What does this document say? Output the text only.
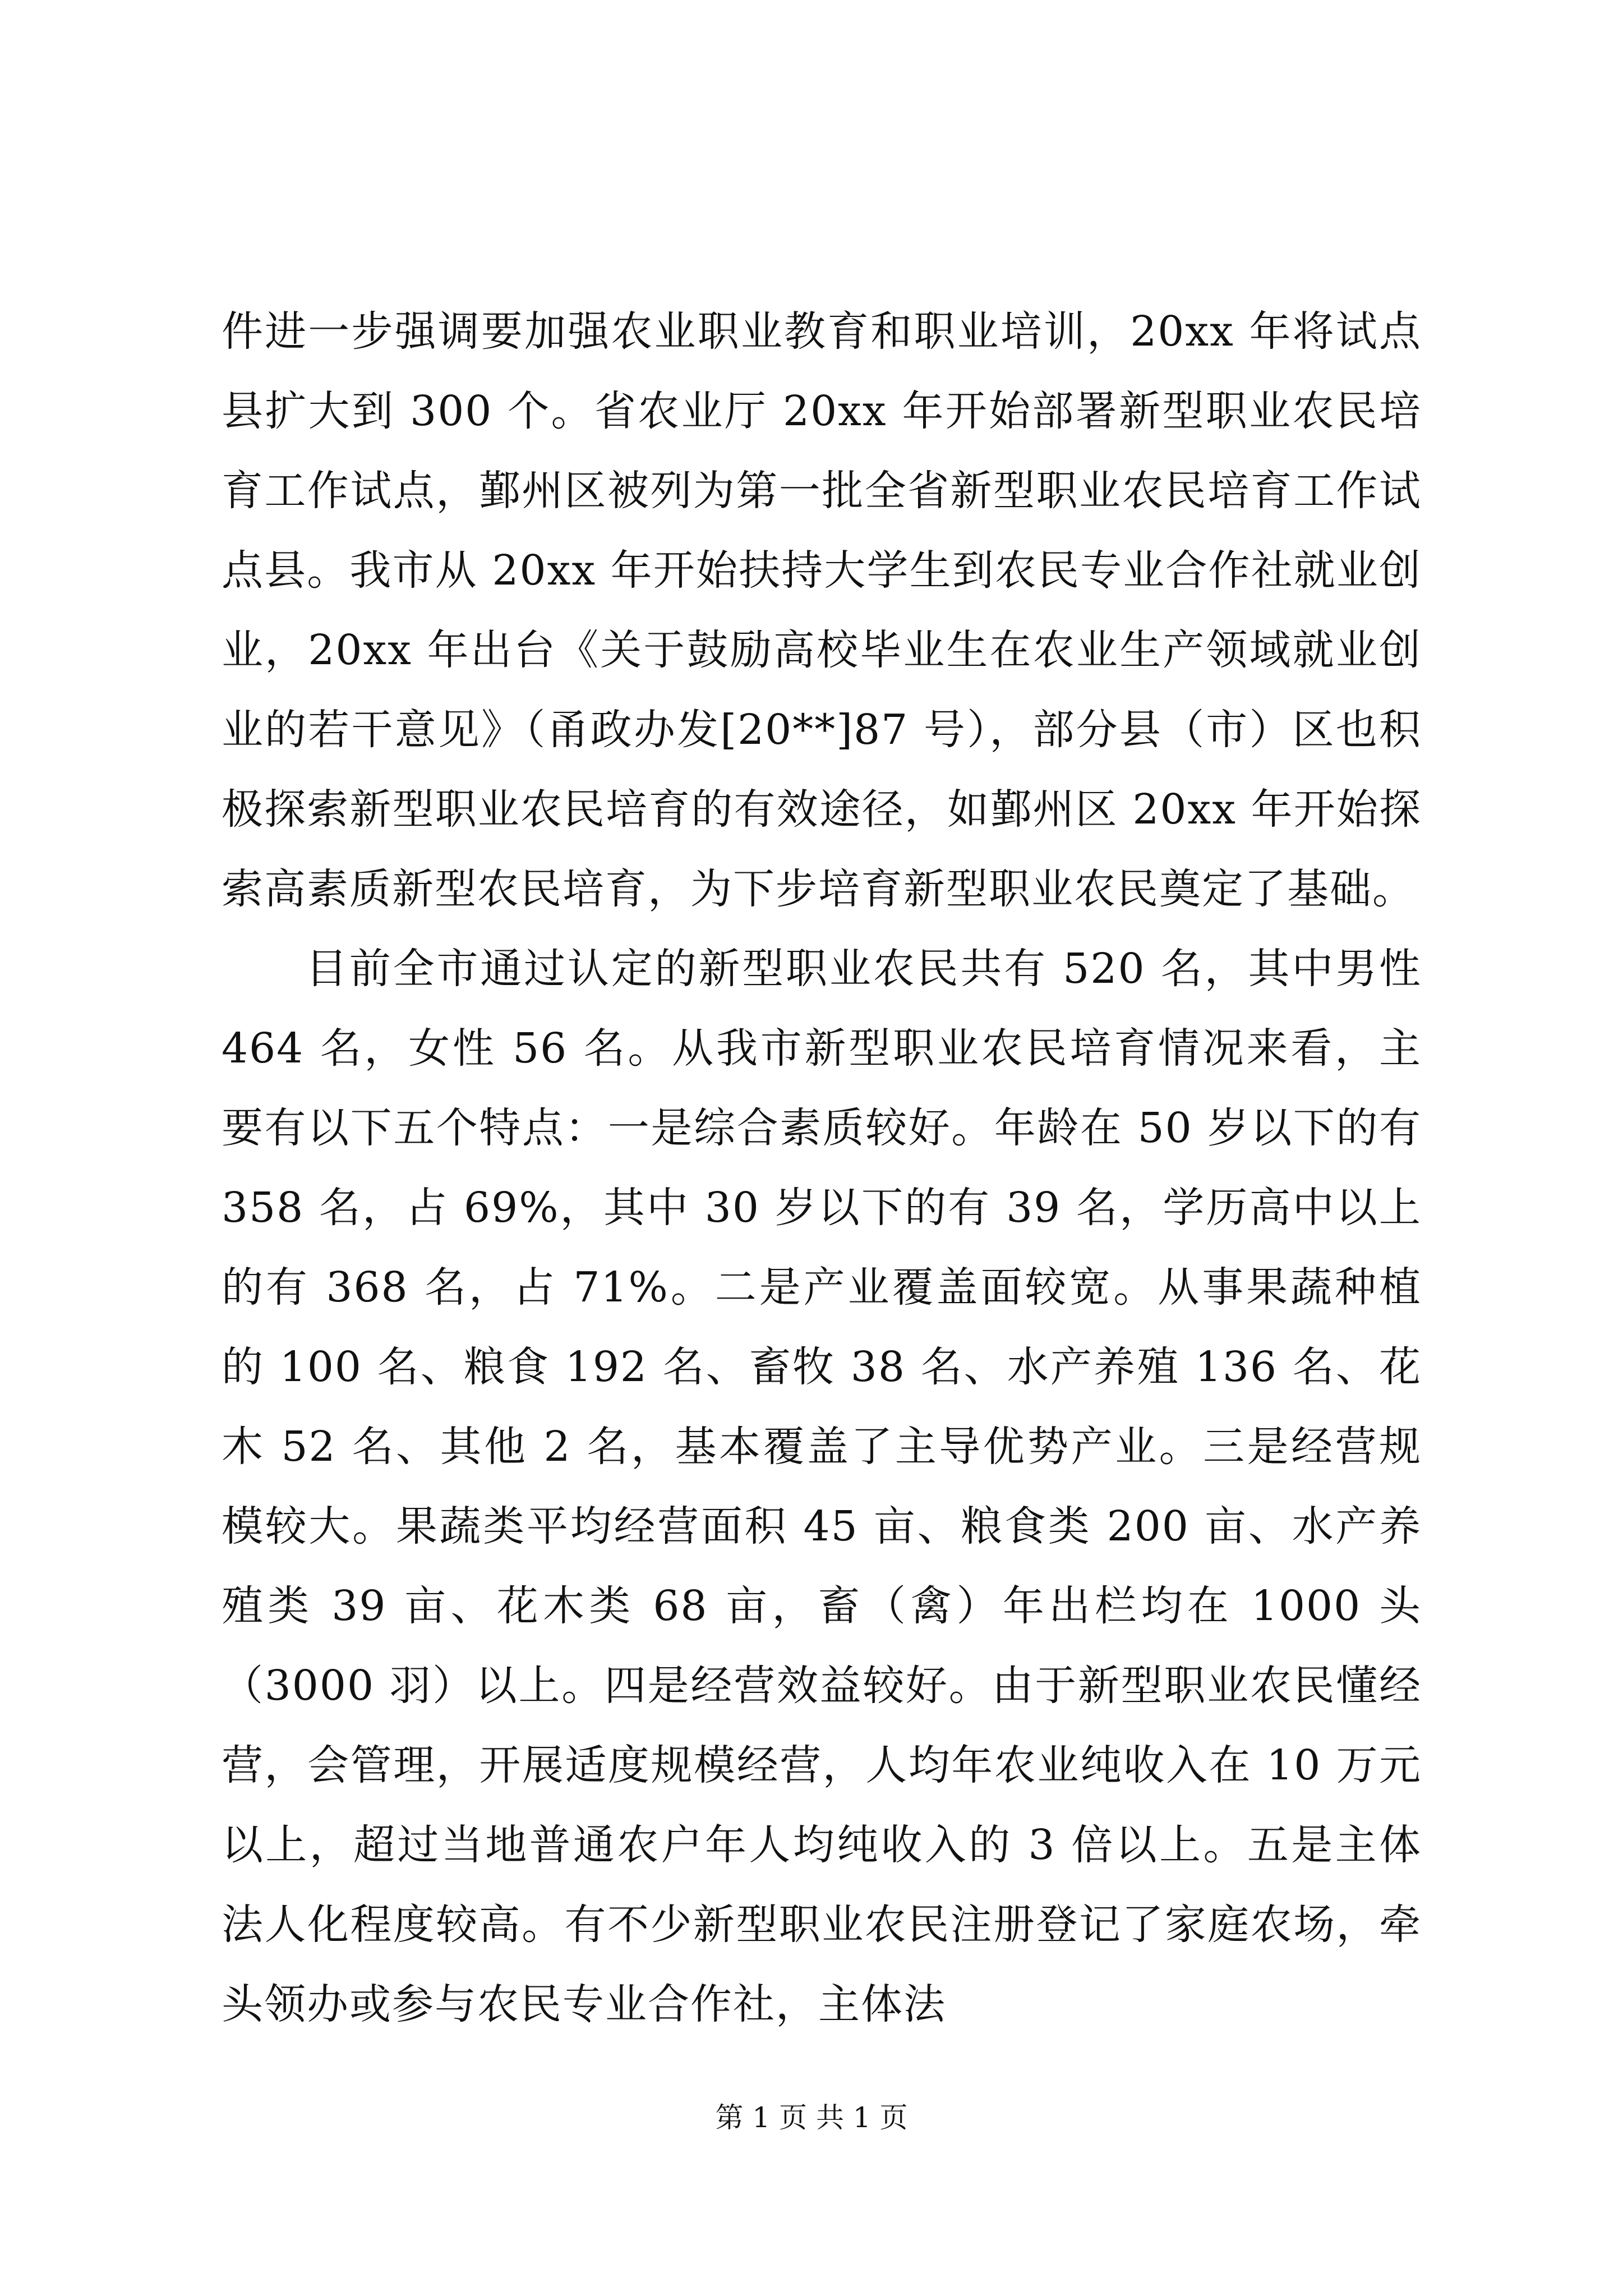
件进一步强调要加强农业职业教育和职业培训，20xx 年将试点县扩大到 300 个。省农业厅 20xx 年开始部署新型职业农民培育工作试点，鄞州区被列为第一批全省新型职业农民培育工作试点县。我市从 20xx 年开始扶持大学生到农民专业合作社就业创业，20xx 年出台《关于鼓励高校毕业生在农业生产领域就业创业的若干意见》（甬政办发[20**]87 号），部分县（市）区也积极探索新型职业农民培育的有效途径，如鄞州区 20xx 年开始探索高素质新型农民培育，为下步培育新型职业农民奠定了基础。

目前全市通过认定的新型职业农民共有 520 名，其中男性 464 名，女性 56 名。从我市新型职业农民培育情况来看，主要有以下五个特点：一是综合素质较好。年龄在 50 岁以下的有 358 名，占 69%，其中 30 岁以下的有 39 名，学历高中以上的有 368 名，占 71%。二是产业覆盖面较宽。从事果蔬种植的 100 名、粮食 192 名、畜牧 38 名、水产养殖 136 名、花木 52 名、其他 2 名，基本覆盖了主导优势产业。三是经营规模较大。果蔬类平均经营面积 45 亩、粮食类 200 亩、水产养殖类 39 亩、花木类 68 亩，畜（禽）年出栏均在 1000 头（3000 羽）以上。四是经营效益较好。由于新型职业农民懂经营，会管理，开展适度规模经营，人均年农业纯收入在 10 万元以上，超过当地普通农户年人均纯收入的 3 倍以上。五是主体法人化程度较高。有不少新型职业农民注册登记了家庭农场，牵头领办或参与农民专业合作社，主体法

第 1 页 共 1 页
